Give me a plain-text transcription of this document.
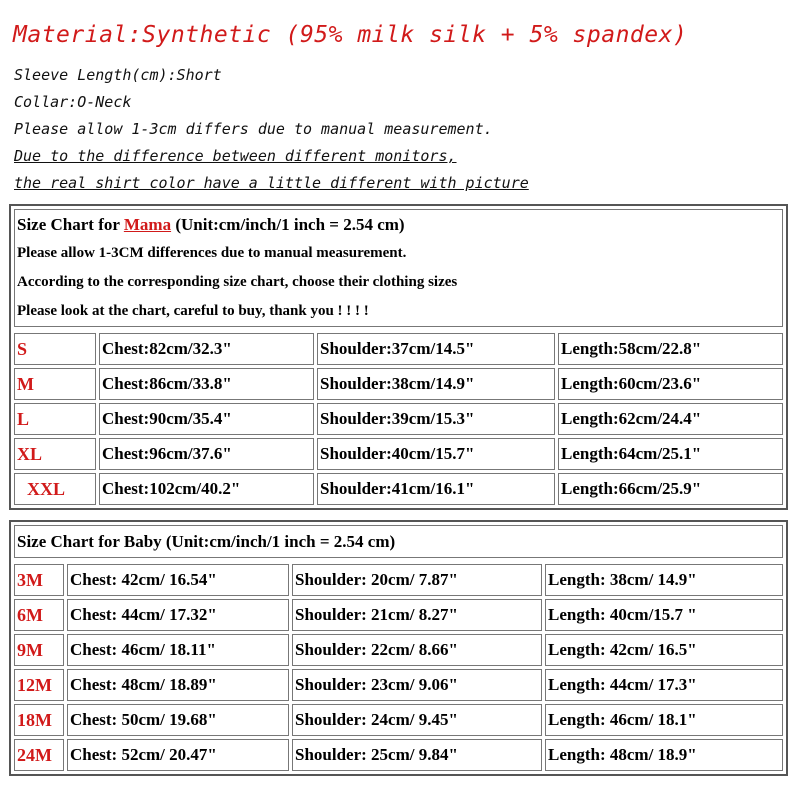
Material:Synthetic (95% milk silk + 5% spandex)
Sleeve Length(cm):Short
Collar:O-Neck
Please allow 1-3cm differs due to manual measurement.
Due to the difference between different monitors,
the real shirt color have a little different with picture
Size Chart for Mama (Unit:cm/inch/1 inch = 2.54 cm)
Please allow 1-3CM differences due to manual measurement.
According to the corresponding size chart, choose their clothing sizes
Please look at the chart, careful to buy, thank you ! ! ! !
S	Chest:82cm/32.3"	Shoulder:37cm/14.5"	Length:58cm/22.8"
M	Chest:86cm/33.8"	Shoulder:38cm/14.9"	Length:60cm/23.6"
L	Chest:90cm/35.4"	Shoulder:39cm/15.3"	Length:62cm/24.4"
XL	Chest:96cm/37.6"	Shoulder:40cm/15.7"	Length:64cm/25.1"
XXL	Chest:102cm/40.2"	Shoulder:41cm/16.1"	Length:66cm/25.9"
Size Chart for Baby (Unit:cm/inch/1 inch = 2.54 cm)
3M	Chest: 42cm/ 16.54"	Shoulder: 20cm/ 7.87"	Length: 38cm/ 14.9"
6M	Chest: 44cm/ 17.32"	Shoulder: 21cm/ 8.27"	Length: 40cm/15.7 "
9M	Chest: 46cm/ 18.11"	Shoulder: 22cm/ 8.66"	Length: 42cm/ 16.5"
12M	Chest: 48cm/ 18.89"	Shoulder: 23cm/ 9.06"	Length: 44cm/ 17.3"
18M	Chest: 50cm/ 19.68"	Shoulder: 24cm/ 9.45"	Length: 46cm/ 18.1"
24M	Chest: 52cm/ 20.47"	Shoulder: 25cm/ 9.84"	Length: 48cm/ 18.9"
